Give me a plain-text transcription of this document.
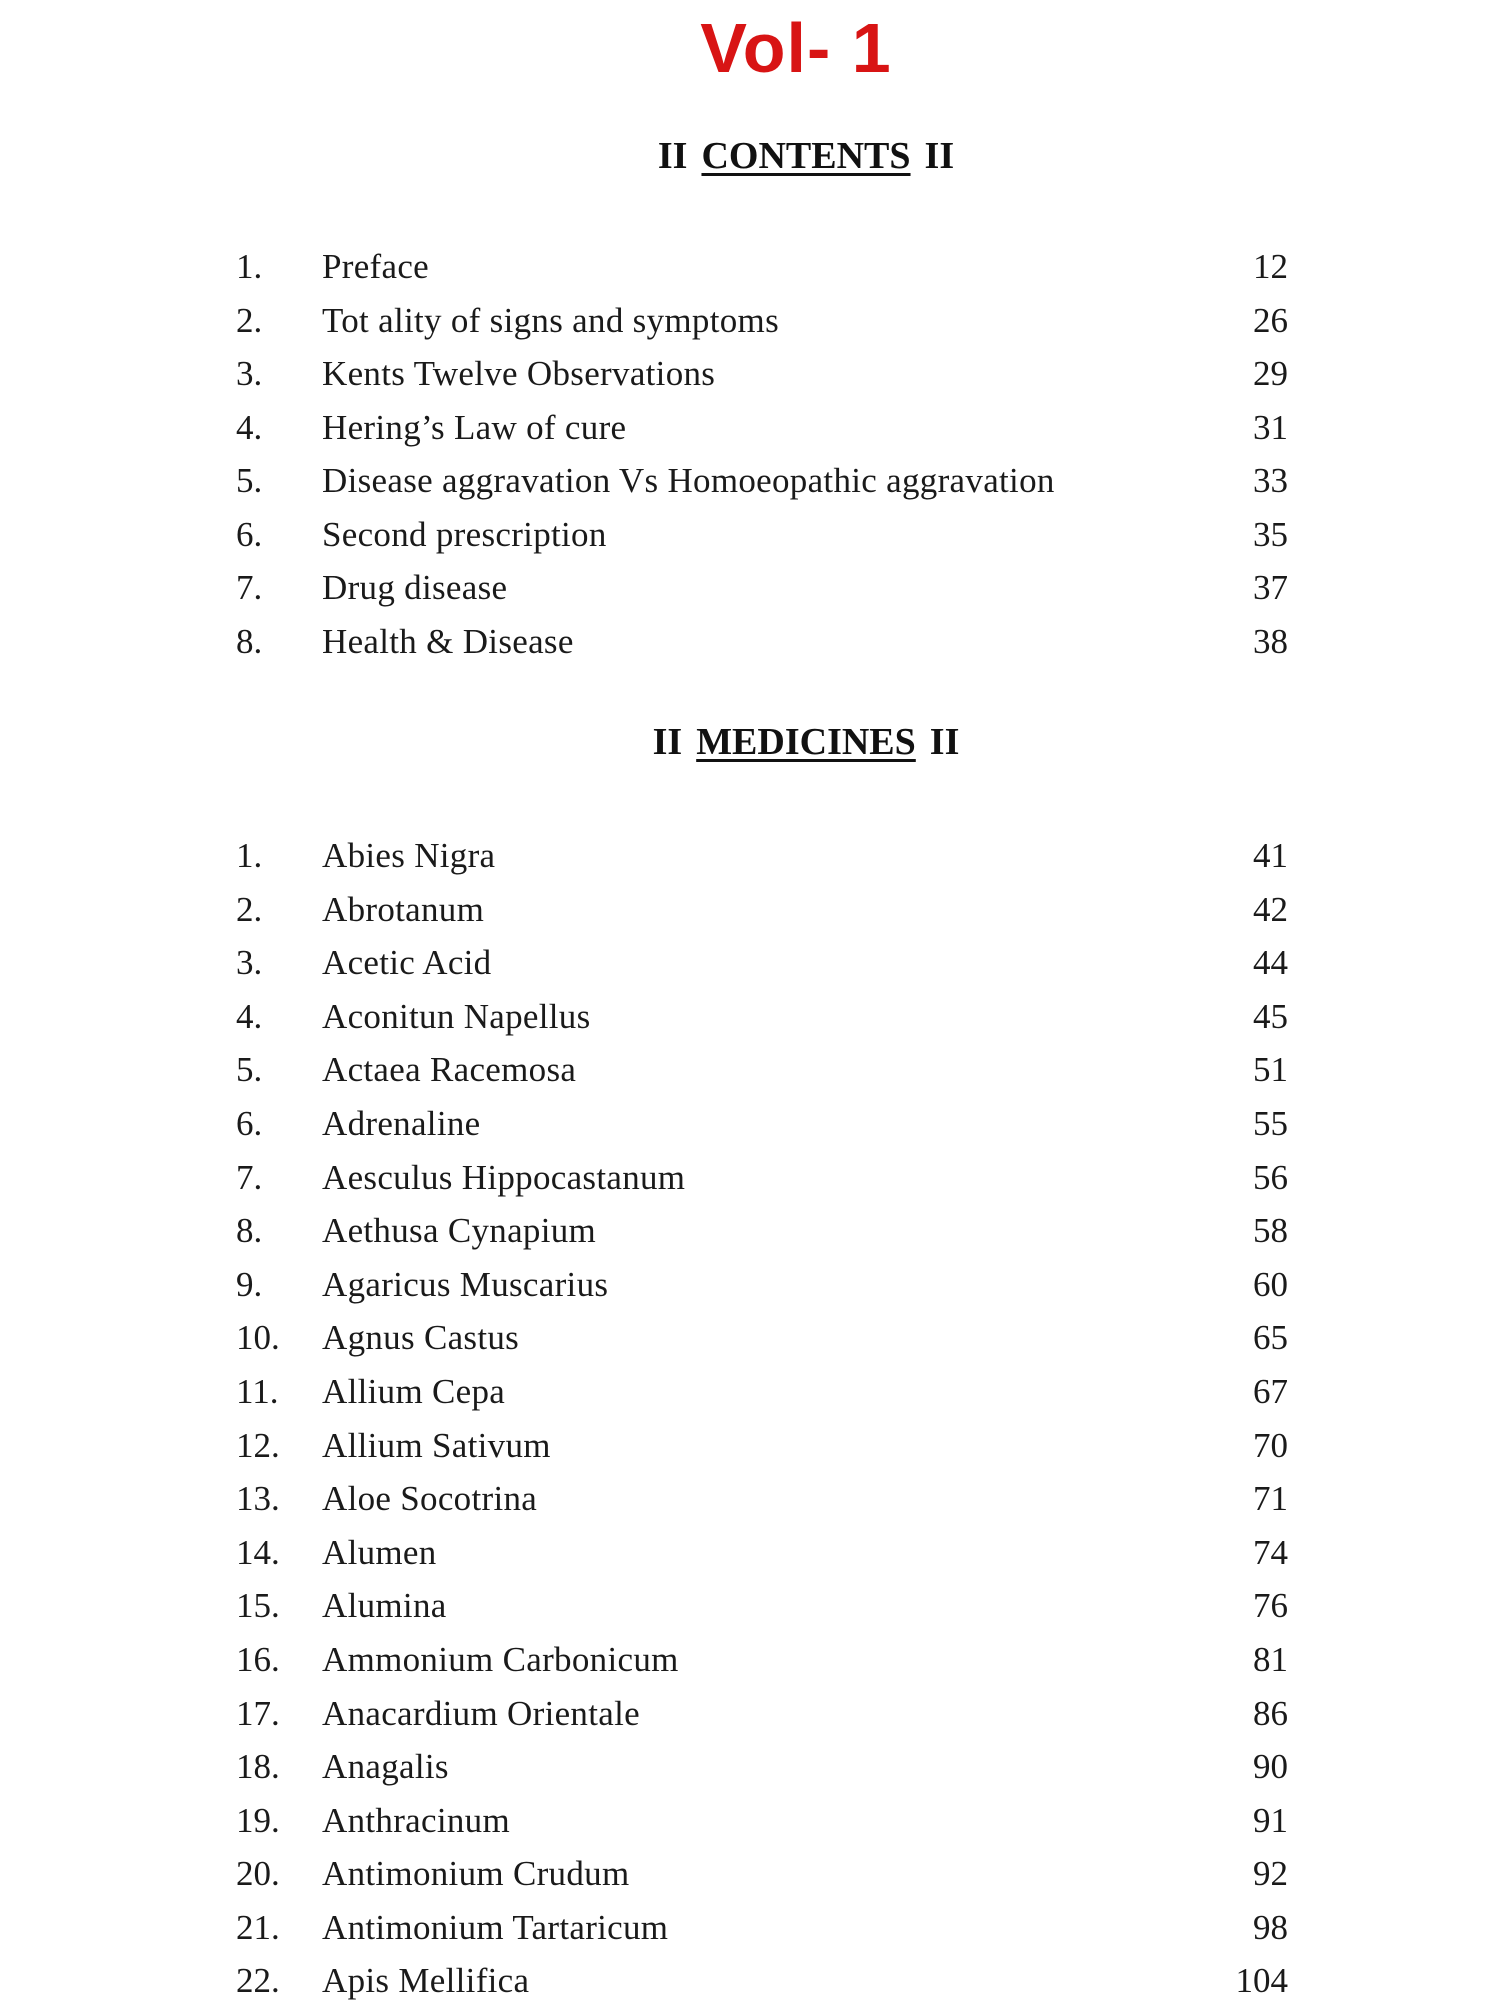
Vol- 1
II CONTENTS II
1. Preface	12
2. Tot ality of signs and symptoms	26
3. Kents Twelve Observations	29
4. Hering’s Law of cure	31
5. Disease aggravation Vs Homoeopathic aggravation	33
6. Second prescription	35
7. Drug disease	37
8. Health & Disease	38
II MEDICINES II
1. Abies Nigra	41
2. Abrotanum	42
3. Acetic Acid	44
4. Aconitun Napellus	45
5. Actaea Racemosa	51
6. Adrenaline	55
7. Aesculus Hippocastanum	56
8. Aethusa Cynapium	58
9. Agaricus Muscarius	60
10. Agnus Castus	65
11. Allium Cepa	67
12. Allium Sativum	70
13. Aloe Socotrina	71
14. Alumen	74
15. Alumina	76
16. Ammonium Carbonicum	81
17. Anacardium Orientale	86
18. Anagalis	90
19. Anthracinum	91
20. Antimonium Crudum	92
21. Antimonium Tartaricum	98
22. Apis Mellifica	104
